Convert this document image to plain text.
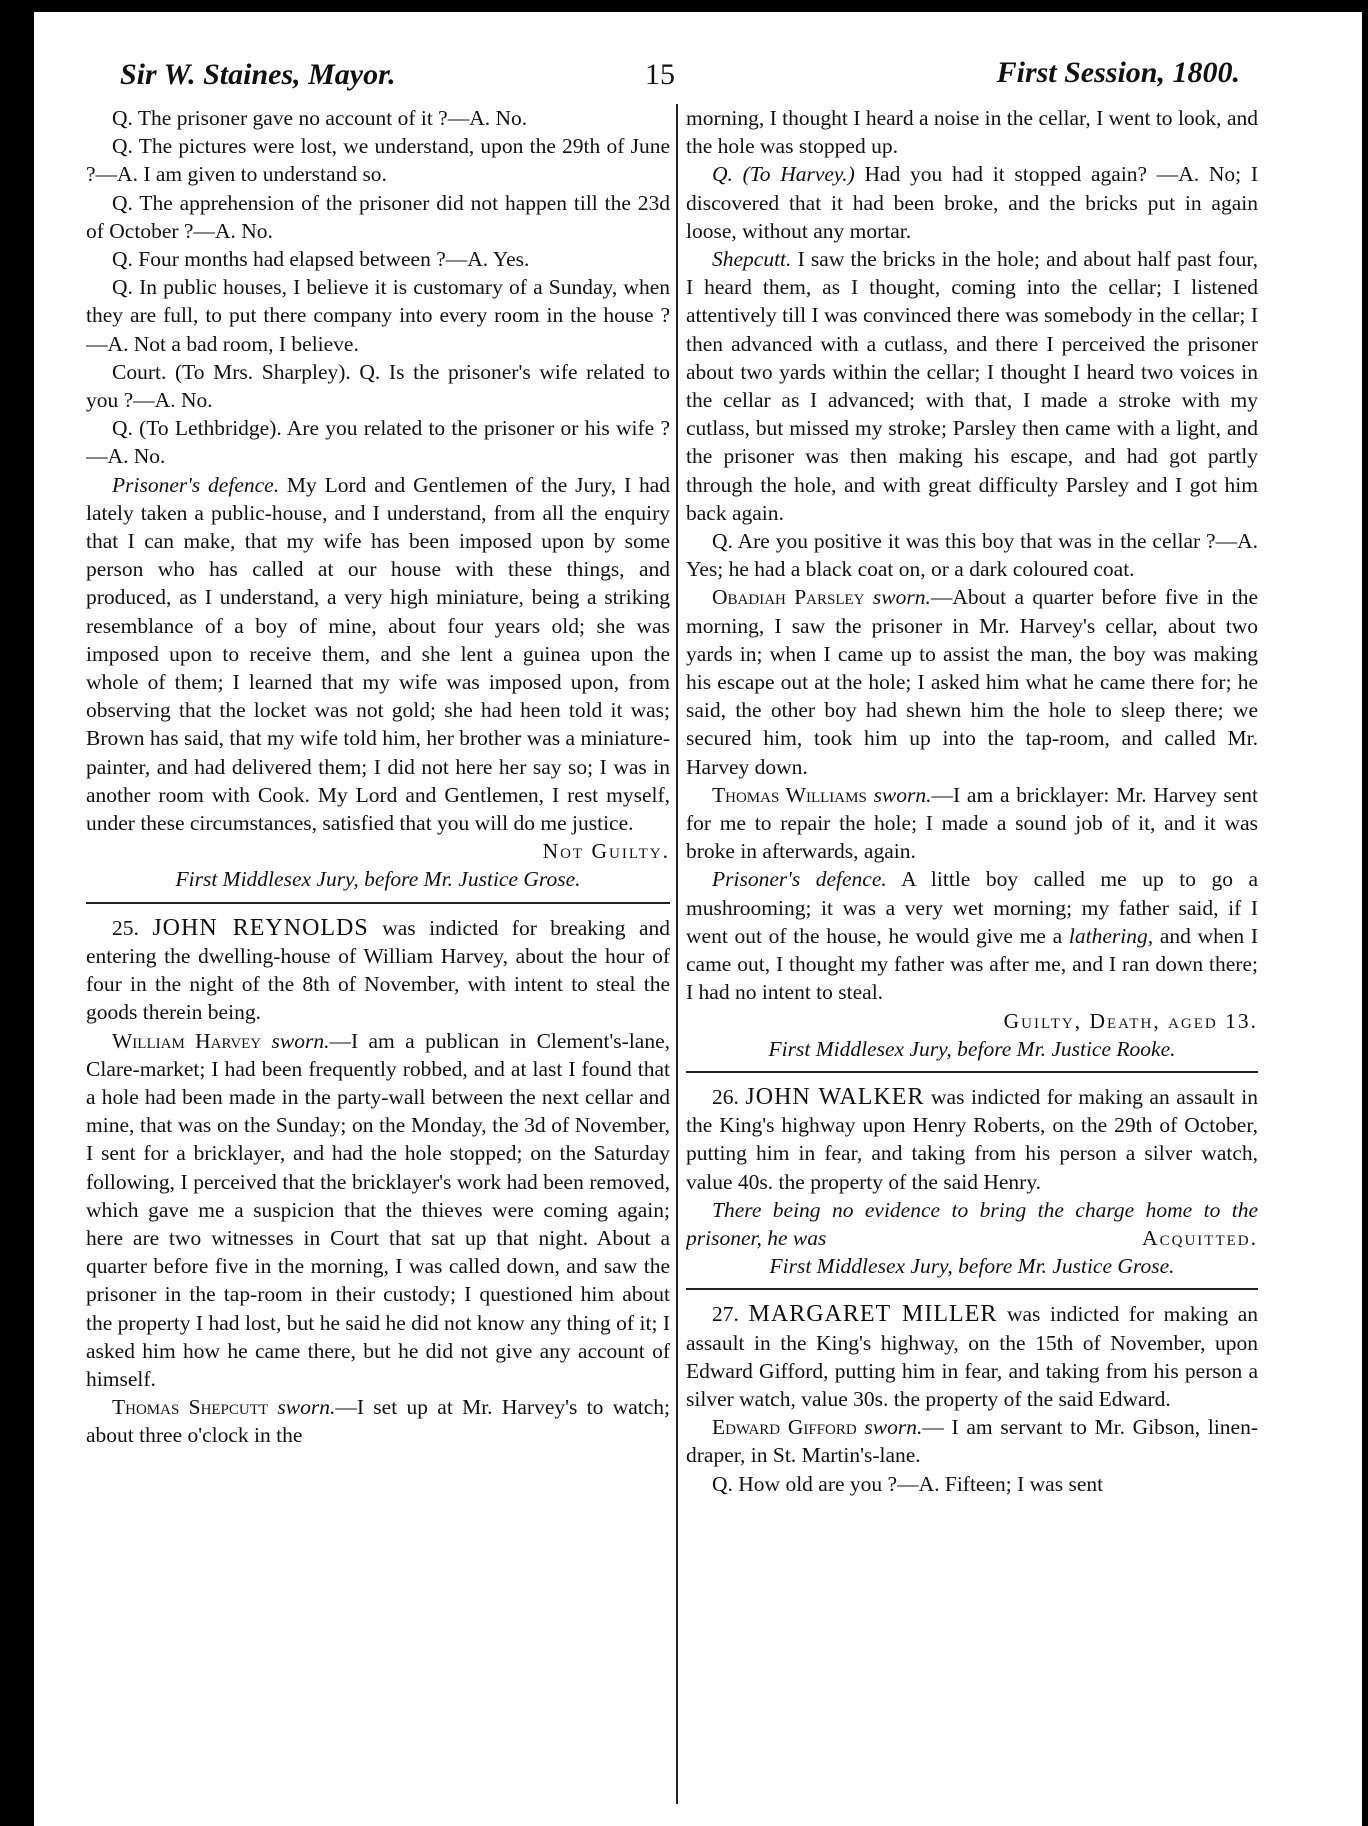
Sir W. Staines, Mayor.	15	First Session, 1800.

Q. The prisoner gave no account of it ?—A. No.

Q. The pictures were lost, we understand, upon the 29th of June ?—A. I am given to understand so.

Q. The apprehension of the prisoner did not happen till the 23d of October ?—A. No.

Q. Four months had elapsed between ?—A. Yes.

Q. In public houses, I believe it is customary of a Sunday, when they are full, to put there company into every room in the house ?—A. Not a bad room, I believe.

Court. (To Mrs. Sharpley). Q. Is the prisoner's wife related to you ?—A. No.

Q. (To Lethbridge). Are you related to the prisoner or his wife ?—A. No.

Prisoner's defence. My Lord and Gentlemen of the Jury, I had lately taken a public-house, and I understand, from all the enquiry that I can make, that my wife has been imposed upon by some person who has called at our house with these things, and produced, as I understand, a very high miniature, being a striking resemblance of a boy of mine, about four years old; she was imposed upon to receive them, and she lent a guinea upon the whole of them; I learned that my wife was imposed upon, from observing that the locket was not gold; she had heen told it was; Brown has said, that my wife told him, her brother was a miniature-painter, and had delivered them; I did not here her say so; I was in another room with Cook. My Lord and Gentlemen, I rest myself, under these circumstances, satisfied that you will do me justice.
Not Guilty.

First Middlesex Jury, before Mr. Justice Grose.

25. JOHN REYNOLDS was indicted for breaking and entering the dwelling-house of William Harvey, about the hour of four in the night of the 8th of November, with intent to steal the goods therein being.

William Harvey sworn.—I am a publican in Clement's-lane, Clare-market; I had been frequently robbed, and at last I found that a hole had been made in the party-wall between the next cellar and mine, that was on the Sunday; on the Monday, the 3d of November, I sent for a bricklayer, and had the hole stopped; on the Saturday following, I perceived that the bricklayer's work had been removed, which gave me a suspicion that the thieves were coming again; here are two witnesses in Court that sat up that night. About a quarter before five in the morning, I was called down, and saw the prisoner in the tap-room in their custody; I questioned him about the property I had lost, but he said he did not know any thing of it; I asked him how he came there, but he did not give any account of himself.

Thomas Shepcutt sworn.—I set up at Mr. Harvey's to watch; about three o'clock in the

morning, I thought I heard a noise in the cellar, I went to look, and the hole was stopped up.

Q. (To Harvey.) Had you had it stopped again? —A. No; I discovered that it had been broke, and the bricks put in again loose, without any mortar.

Shepcutt. I saw the bricks in the hole; and about half past four, I heard them, as I thought, coming into the cellar; I listened attentively till I was convinced there was somebody in the cellar; I then advanced with a cutlass, and there I perceived the prisoner about two yards within the cellar; I thought I heard two voices in the cellar as I advanced; with that, I made a stroke with my cutlass, but missed my stroke; Parsley then came with a light, and the prisoner was then making his escape, and had got partly through the hole, and with great difficulty Parsley and I got him back again.

Q. Are you positive it was this boy that was in the cellar ?—A. Yes; he had a black coat on, or a dark coloured coat.

Obadiah Parsley sworn.—About a quarter before five in the morning, I saw the prisoner in Mr. Harvey's cellar, about two yards in; when I came up to assist the man, the boy was making his escape out at the hole; I asked him what he came there for; he said, the other boy had shewn him the hole to sleep there; we secured him, took him up into the tap-room, and called Mr. Harvey down.

Thomas Williams sworn.—I am a bricklayer: Mr. Harvey sent for me to repair the hole; I made a sound job of it, and it was broke in afterwards, again.

Prisoner's defence. A little boy called me up to go a mushrooming; it was a very wet morning; my father said, if I went out of the house, he would give me a lathering, and when I came out, I thought my father was after me, and I ran down there; I had no intent to steal.

Guilty, Death, aged 13.

First Middlesex Jury, before Mr. Justice Rooke.

26. JOHN WALKER was indicted for making an assault in the King's highway upon Henry Roberts, on the 29th of October, putting him in fear, and taking from his person a silver watch, value 40s. the property of the said Henry.

There being no evidence to bring the charge home to the prisoner, he was	Acquitted.

First Middlesex Jury, before Mr. Justice Grose.

27. MARGARET MILLER was indicted for making an assault in the King's highway, on the 15th of November, upon Edward Gifford, putting him in fear, and taking from his person a silver watch, value 30s. the property of the said Edward.

Edward Gifford sworn.— I am servant to Mr. Gibson, linen-draper, in St. Martin's-lane.

Q. How old are you ?—A. Fifteen; I was sent
